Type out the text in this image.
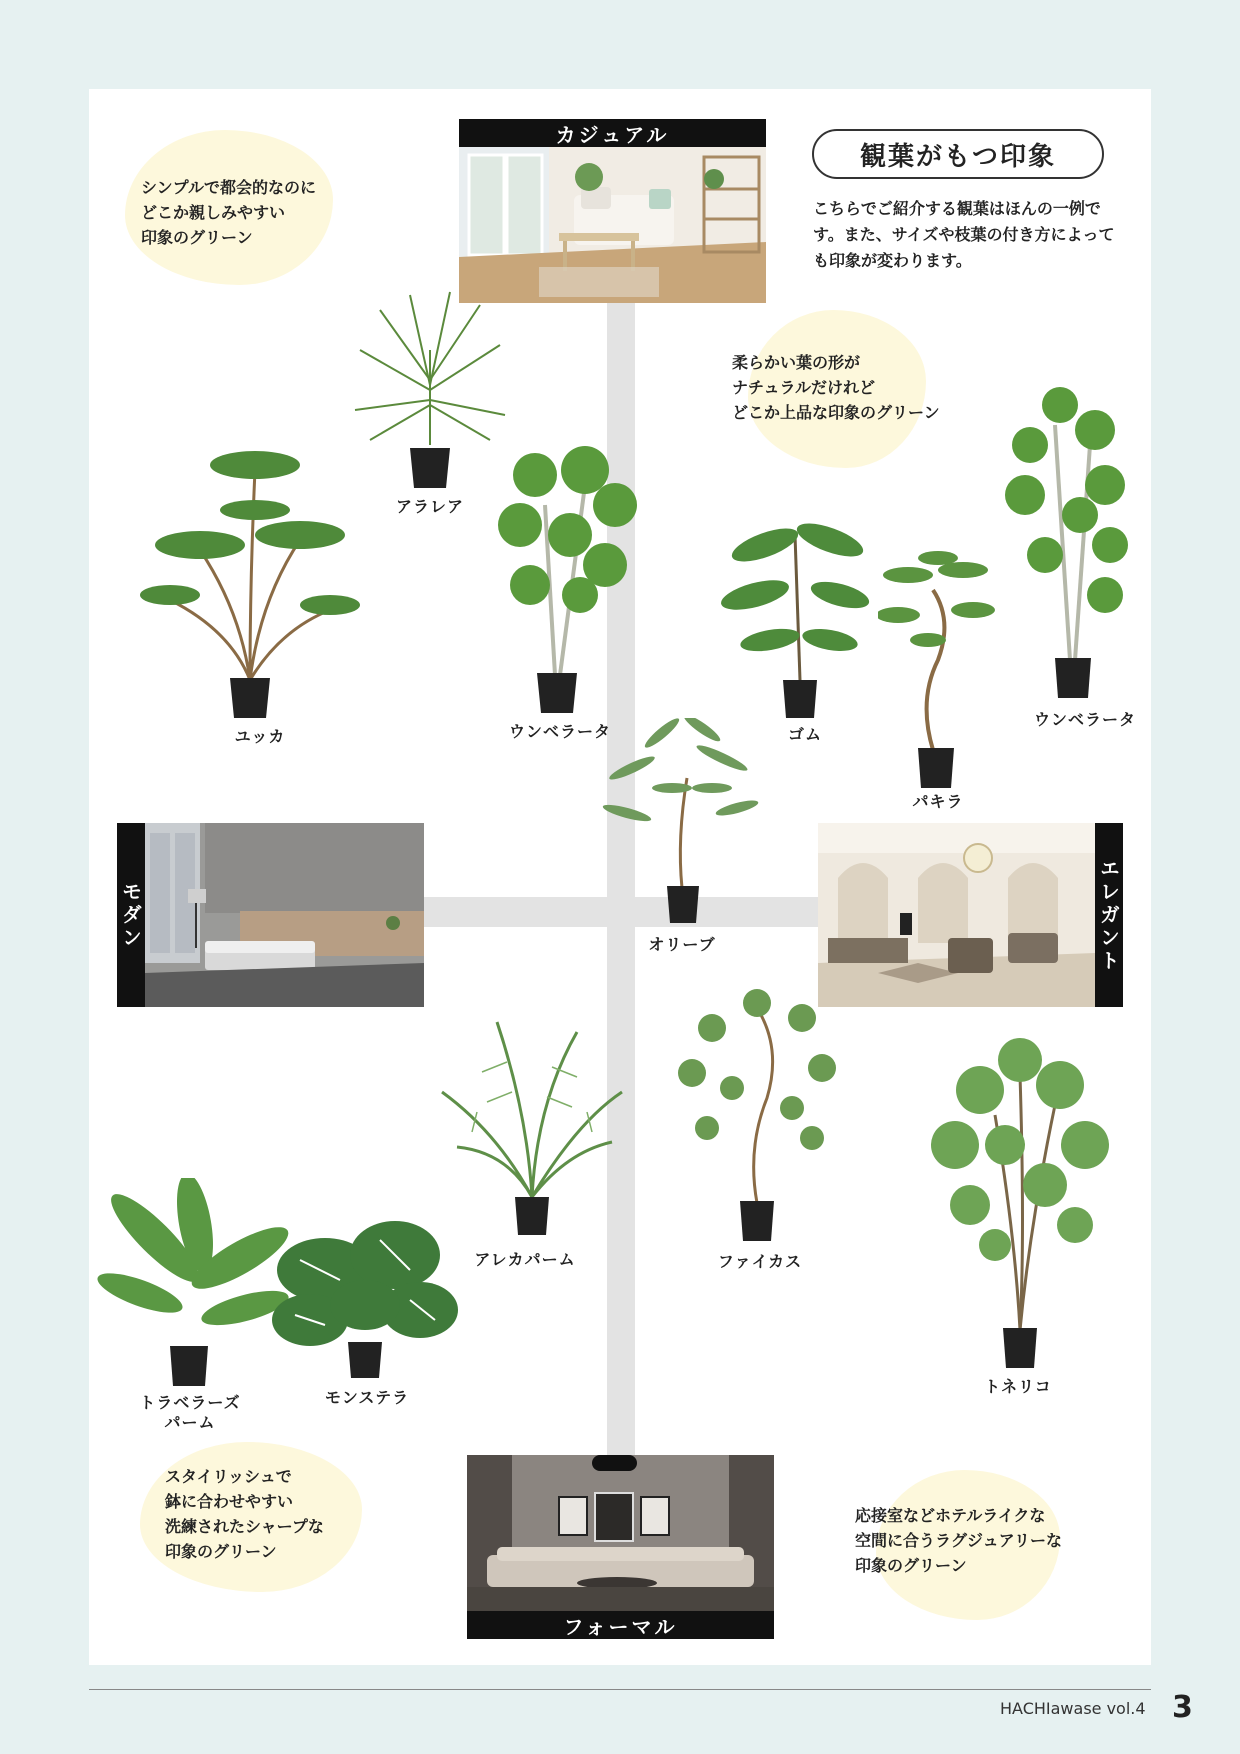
観葉がもつ印象
こちらでご紹介する観葉はほんの一例です。また、サイズや枝葉の付き方によっても印象が変わります。
シンプルで都会的なのに
どこか親しみやすい
印象のグリーン
柔らかい葉の形が
ナチュラルだけれど
どこか上品な印象のグリーン
スタイリッシュで
鉢に合わせやすい
洗練されたシャープな
印象のグリーン
応接室などホテルライクな
空間に合うラグジュアリーな
印象のグリーン
カジュアル
モダン	エレガント
フォーマル
アラレア
ユッカ	ウンベラータ	ゴム
パキラ
ウンベラータ
オリーブ
アレカパーム	ファイカス
トネリコ
トラベラーズ
パーム
モンステラ
HACHIawase vol.4 3
